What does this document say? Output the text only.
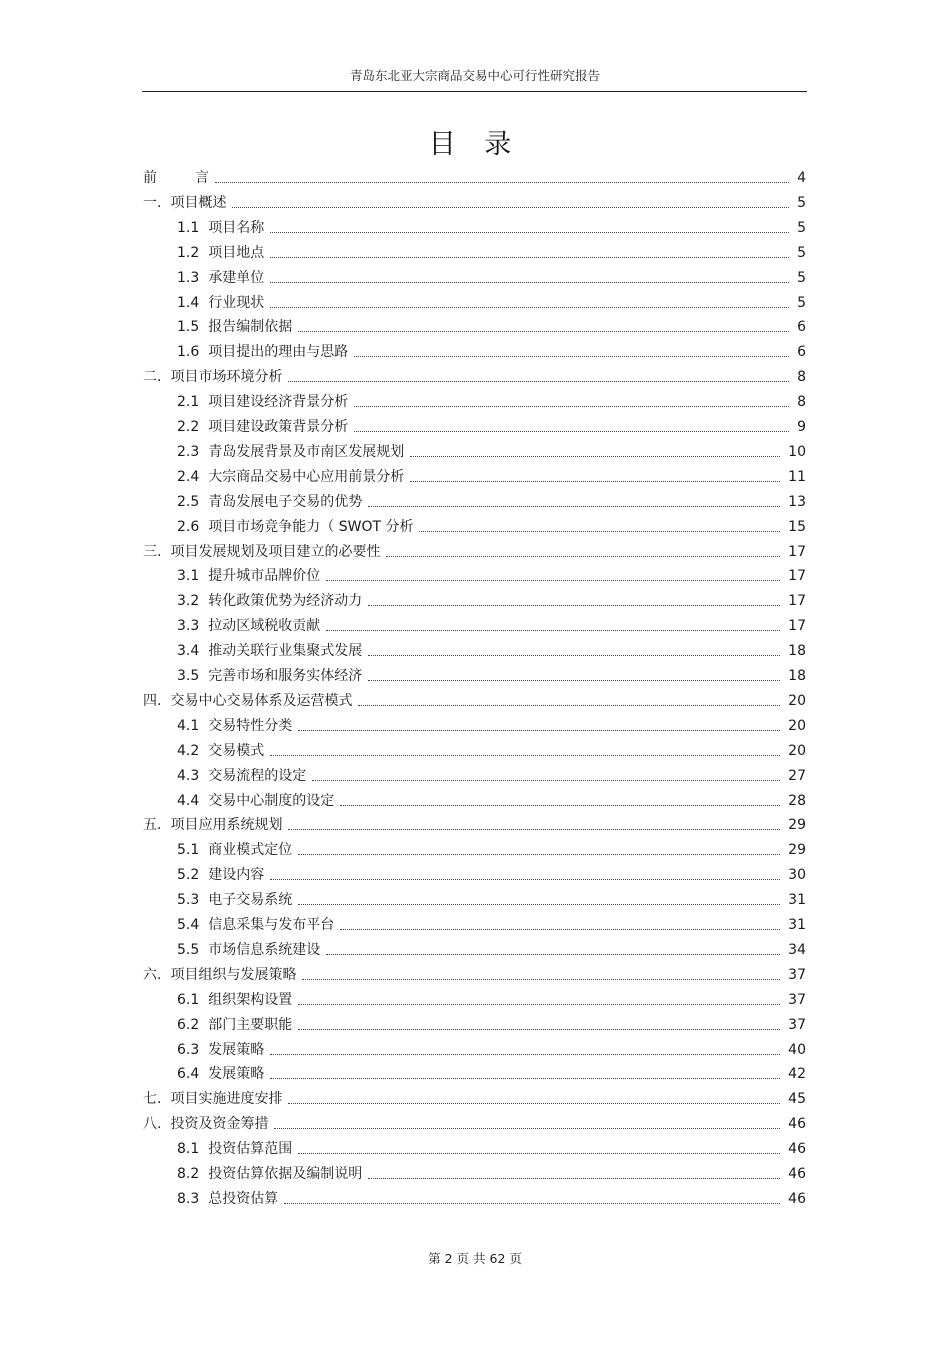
青岛东北亚大宗商品交易中心可行性研究报告
目 录
前	言	4
一. 项目概述	5
1.1 项目名称	5
1.2 项目地点	5
1.3 承建单位	5
1.4 行业现状	5
1.5 报告编制依据	6
1.6 项目提出的理由与思路	6
二. 项目市场环境分析	8
2.1 项目建设经济背景分析	8
2.2 项目建设政策背景分析	9
2.3 青岛发展背景及市南区发展规划	10
2.4 大宗商品交易中心应用前景分析	11
2.5 青岛发展电子交易的优势	13
2.6 项目市场竞争能力（ SWOT 分析	15
三. 项目发展规划及项目建立的必要性	17
3.1 提升城市品牌价位	17
3.2 转化政策优势为经济动力	17
3.3 拉动区域税收贡献	17
3.4 推动关联行业集聚式发展	18
3.5 完善市场和服务实体经济	18
四. 交易中心交易体系及运营模式	20
4.1 交易特性分类	20
4.2 交易模式	20
4.3 交易流程的设定	27
4.4 交易中心制度的设定	28
五. 项目应用系统规划	29
5.1 商业模式定位	29
5.2 建设内容	30
5.3 电子交易系统	31
5.4 信息采集与发布平台	31
5.5 市场信息系统建设	34
六. 项目组织与发展策略	37
6.1 组织架构设置	37
6.2 部门主要职能	37
6.3 发展策略	40
6.4 发展策略	42
七. 项目实施进度安排	45
八. 投资及资金筹措	46
8.1 投资估算范围	46
8.2 投资估算依据及编制说明	46
8.3 总投资估算	46
第 2 页 共 62 页
